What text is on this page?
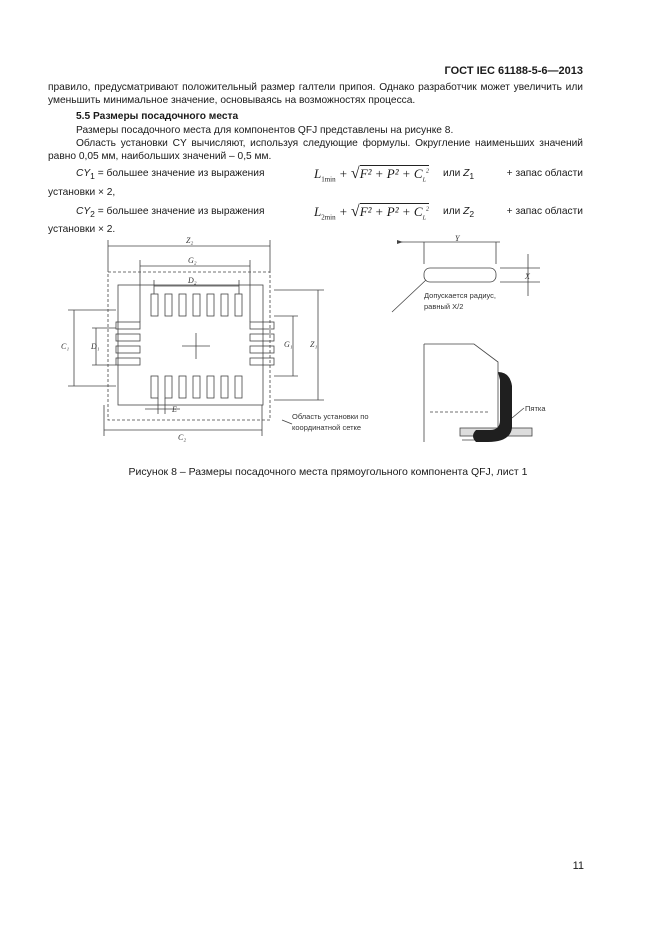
ГОСТ IEC 61188-5-6—2013
правило, предусматривают положительный размер галтели припоя. Однако разработчик может увеличить или уменьшить минимальное значение, основываясь на возможностях процесса.
5.5 Размеры посадочного места
Размеры посадочного места для компонентов QFJ представлены на рисунке 8.
Область установки CY вычисляют, используя следующие формулы. Округление наименьших значений равно 0,05 мм, наибольших значений – 0,5 мм.
$CY_1$ = большее значение из выражения	$L_{1min} + √F^2 + P^2 + C_L^2$ или $Z_1$	+ запас области
установки × 2,
$CY_2$ = большее значение из выражения	$L_{2min} + √F^2 + P^2 + C_L^2$ или $Z_2$	+ запас области
установки × 2.
Z₂
G₂
D₂
C₁	D₁	G₁ Z₁
E
C₂
Y
X
Область установки по
координатной сетке
Допускается радиус,
равный X/2
Пятка
Рисунок 8 – Размеры посадочного места прямоугольного компонента QFJ, лист 1
11
